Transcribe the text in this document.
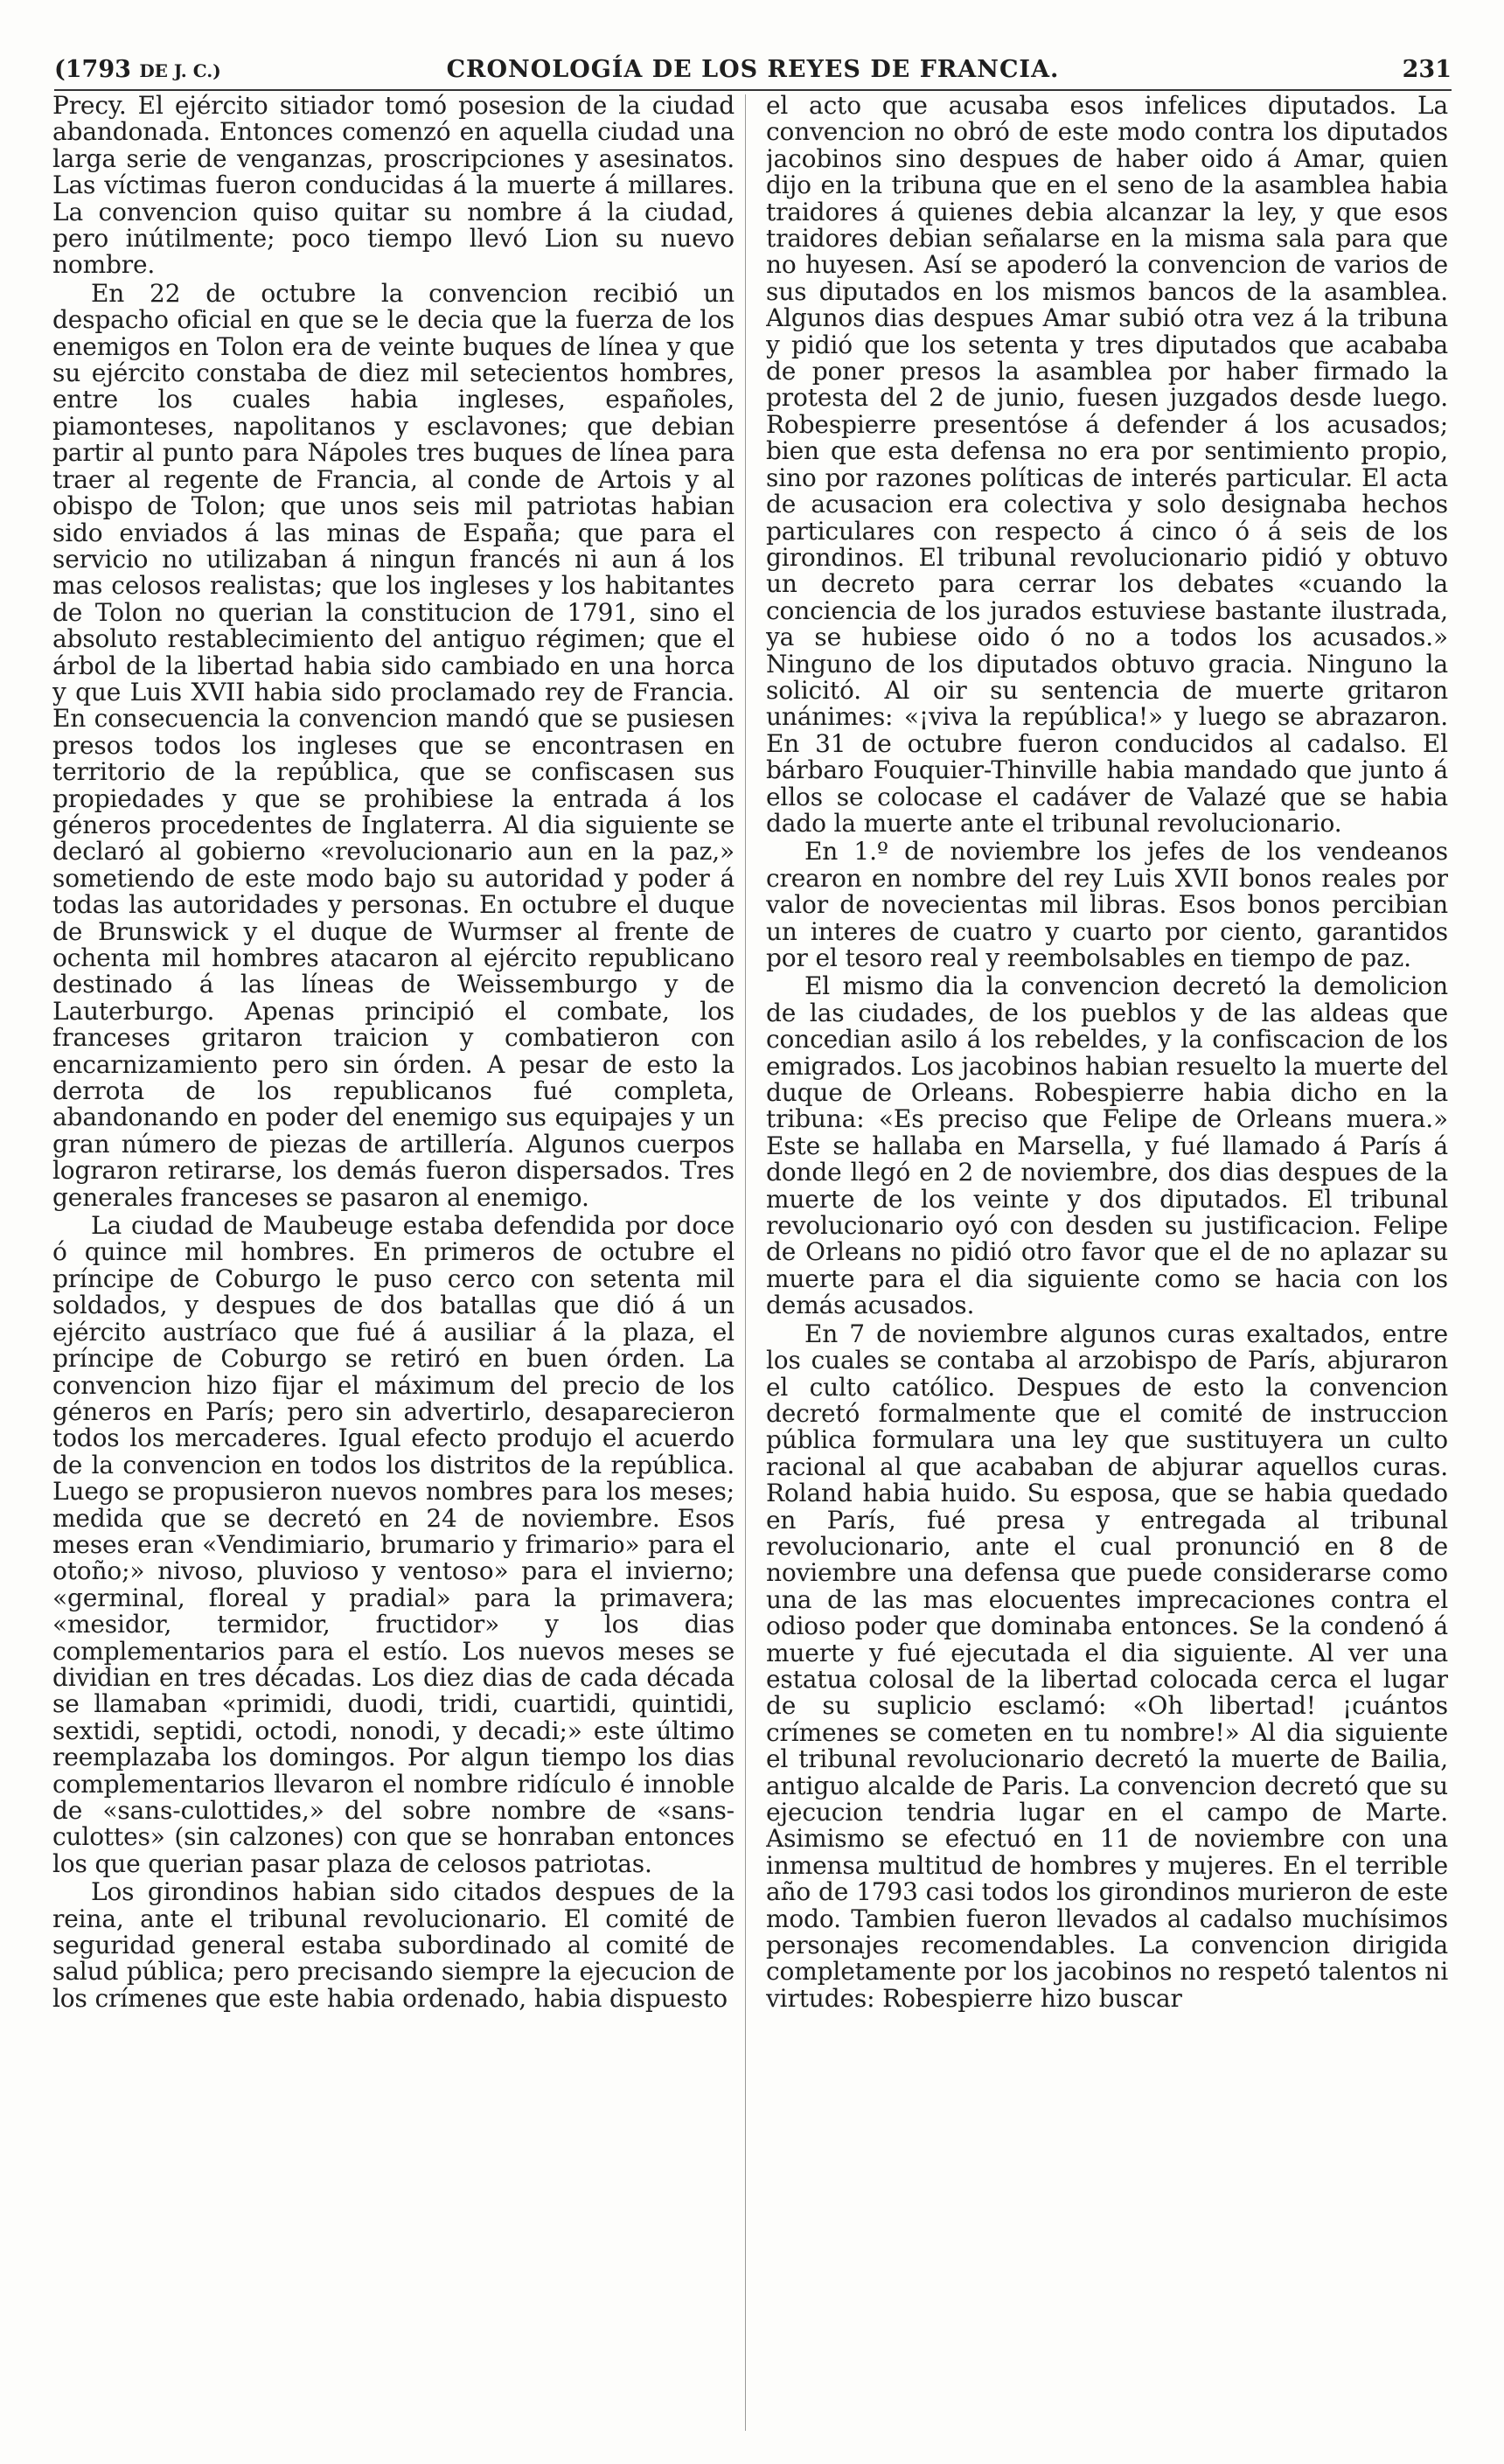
(1793 DE J. C.)	CRONOLOGÍA DE LOS REYES DE FRANCIA.	231

Precy. El ejército sitiador tomó posesion de la ciudad abandonada. Entonces comenzó en aquella ciudad una larga serie de venganzas, proscripciones y asesinatos. Las víctimas fueron conducidas á la muerte á millares. La convencion quiso quitar su nombre á la ciudad, pero inútilmente; poco tiempo llevó Lion su nuevo nombre.

En 22 de octubre la convencion recibió un despacho oficial en que se le decia que la fuerza de los enemigos en Tolon era de veinte buques de línea y que su ejército constaba de diez mil setecientos hombres, entre los cuales habia ingleses, españoles, piamonteses, napolitanos y esclavones; que debian partir al punto para Nápoles tres buques de línea para traer al regente de Francia, al conde de Artois y al obispo de Tolon; que unos seis mil patriotas habian sido enviados á las minas de España; que para el servicio no utilizaban á ningun francés ni aun á los mas celosos realistas; que los ingleses y los habitantes de Tolon no querian la constitucion de 1791, sino el absoluto restablecimiento del antiguo régimen; que el árbol de la libertad habia sido cambiado en una horca y que Luis XVII habia sido proclamado rey de Francia. En consecuencia la convencion mandó que se pusiesen presos todos los ingleses que se encontrasen en territorio de la república, que se confiscasen sus propiedades y que se prohibiese la entrada á los géneros procedentes de Inglaterra. Al dia siguiente se declaró al gobierno «revolucionario aun en la paz,» sometiendo de este modo bajo su autoridad y poder á todas las autoridades y personas. En octubre el duque de Brunswick y el duque de Wurmser al frente de ochenta mil hombres atacaron al ejército republicano destinado á las líneas de Weissemburgo y de Lauterburgo. Apenas principió el combate, los franceses gritaron traicion y combatieron con encarnizamiento pero sin órden. A pesar de esto la derrota de los republicanos fué completa, abandonando en poder del enemigo sus equipajes y un gran número de piezas de artillería. Algunos cuerpos lograron retirarse, los demás fueron dispersados. Tres generales franceses se pasaron al enemigo.

La ciudad de Maubeuge estaba defendida por doce ó quince mil hombres. En primeros de octubre el príncipe de Coburgo le puso cerco con setenta mil soldados, y despues de dos batallas que dió á un ejército austríaco que fué á ausiliar á la plaza, el príncipe de Coburgo se retiró en buen órden. La convencion hizo fijar el máximum del precio de los géneros en París; pero sin advertirlo, desaparecieron todos los mercaderes. Igual efecto produjo el acuerdo de la convencion en todos los distritos de la república. Luego se propusieron nuevos nombres para los meses; medida que se decretó en 24 de noviembre. Esos meses eran «Vendimiario, brumario y frimario» para el otoño;» nivoso, pluvioso y ventoso» para el invierno; «germinal, floreal y pradial» para la primavera; «mesidor, termidor, fructidor» y los dias complementarios para el estío. Los nuevos meses se dividian en tres décadas. Los diez dias de cada década se llamaban «primidi, duodi, tridi, cuartidi, quintidi, sextidi, septidi, octodi, nonodi, y decadi;» este último reemplazaba los domingos. Por algun tiempo los dias complementarios llevaron el nombre ridículo é innoble de «sans-culottides,» del sobre nombre de «sans-culottes» (sin calzones) con que se honraban entonces los que querian pasar plaza de celosos patriotas.

Los girondinos habian sido citados despues de la reina, ante el tribunal revolucionario. El comité de seguridad general estaba subordinado al comité de salud pública; pero precisando siempre la ejecucion de los crímenes que este habia ordenado, habia dispuesto

el acto que acusaba esos infelices diputados. La convencion no obró de este modo contra los diputados jacobinos sino despues de haber oido á Amar, quien dijo en la tribuna que en el seno de la asamblea habia traidores á quienes debia alcanzar la ley, y que esos traidores debian señalarse en la misma sala para que no huyesen. Así se apoderó la convencion de varios de sus diputados en los mismos bancos de la asamblea. Algunos dias despues Amar subió otra vez á la tribuna y pidió que los setenta y tres diputados que acababa de poner presos la asamblea por haber firmado la protesta del 2 de junio, fuesen juzgados desde luego. Robespierre presentóse á defender á los acusados; bien que esta defensa no era por sentimiento propio, sino por razones políticas de interés particular. El acta de acusacion era colectiva y solo designaba hechos particulares con respecto á cinco ó á seis de los girondinos. El tribunal revolucionario pidió y obtuvo un decreto para cerrar los debates «cuando la conciencia de los jurados estuviese bastante ilustrada, ya se hubiese oido ó no a todos los acusados.» Ninguno de los diputados obtuvo gracia. Ninguno la solicitó. Al oir su sentencia de muerte gritaron unánimes: «¡viva la república!» y luego se abrazaron. En 31 de octubre fueron conducidos al cadalso. El bárbaro Fouquier-Thinville habia mandado que junto á ellos se colocase el cadáver de Valazé que se habia dado la muerte ante el tribunal revolucionario.

En 1.º de noviembre los jefes de los vendeanos crearon en nombre del rey Luis XVII bonos reales por valor de novecientas mil libras. Esos bonos percibian un interes de cuatro y cuarto por ciento, garantidos por el tesoro real y reembolsables en tiempo de paz.

El mismo dia la convencion decretó la demolicion de las ciudades, de los pueblos y de las aldeas que concedian asilo á los rebeldes, y la confiscacion de los emigrados. Los jacobinos habian resuelto la muerte del duque de Orleans. Robespierre habia dicho en la tribuna: «Es preciso que Felipe de Orleans muera.» Este se hallaba en Marsella, y fué llamado á París á donde llegó en 2 de noviembre, dos dias despues de la muerte de los veinte y dos diputados. El tribunal revolucionario oyó con desden su justificacion. Felipe de Orleans no pidió otro favor que el de no aplazar su muerte para el dia siguiente como se hacia con los demás acusados.

En 7 de noviembre algunos curas exaltados, entre los cuales se contaba al arzobispo de París, abjuraron el culto católico. Despues de esto la convencion decretó formalmente que el comité de instruccion pública formulara una ley que sustituyera un culto racional al que acababan de abjurar aquellos curas. Roland habia huido. Su esposa, que se habia quedado en París, fué presa y entregada al tribunal revolucionario, ante el cual pronunció en 8 de noviembre una defensa que puede considerarse como una de las mas elocuentes imprecaciones contra el odioso poder que dominaba entonces. Se la condenó á muerte y fué ejecutada el dia siguiente. Al ver una estatua colosal de la libertad colocada cerca el lugar de su suplicio esclamó: «Oh libertad! ¡cuántos crímenes se cometen en tu nombre!» Al dia siguiente el tribunal revolucionario decretó la muerte de Bailia, antiguo alcalde de Paris. La convencion decretó que su ejecucion tendria lugar en el campo de Marte. Asimismo se efectuó en 11 de noviembre con una inmensa multitud de hombres y mujeres. En el terrible año de 1793 casi todos los girondinos murieron de este modo. Tambien fueron llevados al cadalso muchísimos personajes recomendables. La convencion dirigida completamente por los jacobinos no respetó talentos ni virtudes: Robespierre hizo buscar
